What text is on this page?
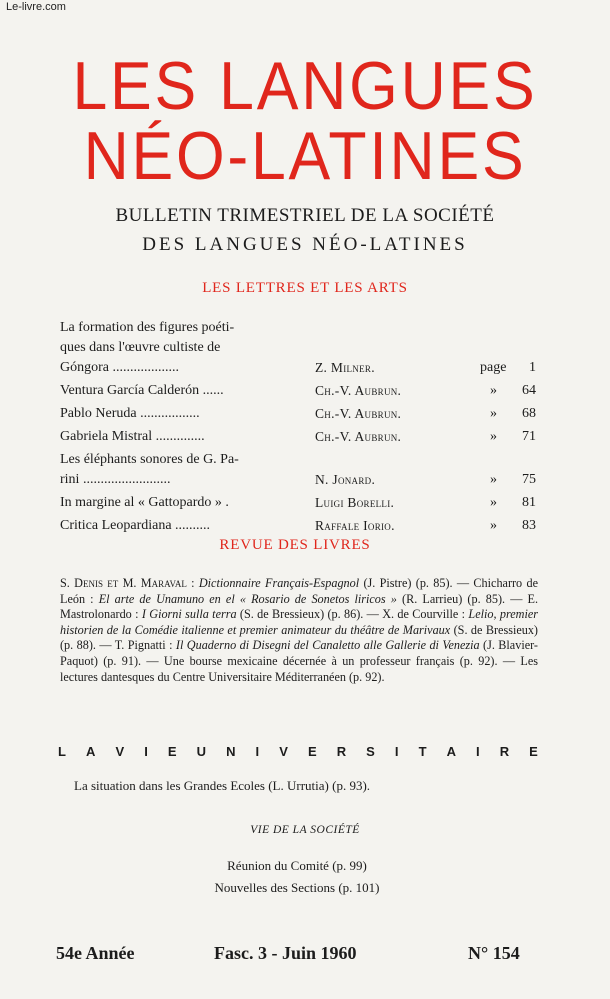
Le-livre.com
LES LANGUES
NÉO-LATINES
BULLETIN TRIMESTRIEL DE LA SOCIÉTÉ
DES LANGUES NÉO-LATINES
LES LETTRES ET LES ARTS
La formation des figures poéti-
ques dans l'œuvre cultiste de
Góngora ...................	Z. Milner.	page 1
Ventura García Calderón ......	Ch.-V. Aubrun.	» 64
Pablo Neruda .................	Ch.-V. Aubrun.	» 68
Gabriela Mistral ..............	Ch.-V. Aubrun.	» 71
Les éléphants sonores de G. Pa-
rini .........................	N. Jonard.	» 75
In margine al « Gattopardo » .	Luigi Borelli.	» 81
Critica Leopardiana ..........	Raffale Iorio.	» 83
REVUE DES LIVRES
S. Denis et M. Maraval : Dictionnaire Français-Espagnol (J. Pistre) (p. 85). — Chicharro de León : El arte de Unamuno en el « Rosario de Sonetos liricos » (R. Larrieu) (p. 85). — E. Mastrolonardo : I Giorni sulla terra (S. de Bressieux) (p. 86). — X. de Courville : Lelio, premier historien de la Comédie italienne et premier animateur du théâtre de Marivaux (S. de Bressieux) (p. 88). — T. Pignatti : Il Quaderno di Disegni del Canaletto alle Gallerie di Venezia (J. Blavier-Paquot) (p. 91). — Une bourse mexicaine décernée à un professeur français (p. 92). — Les lectures dantesques du Centre Universitaire Méditerranéen (p. 92).
L A V I E U N I V E R S I T A I R E
La situation dans les Grandes Ecoles (L. Urrutia) (p. 93).
VIE DE LA SOCIÉTÉ
Réunion du Comité (p. 99)
Nouvelles des Sections (p. 101)
54e Année	Fasc. 3 - Juin 1960	N° 154
